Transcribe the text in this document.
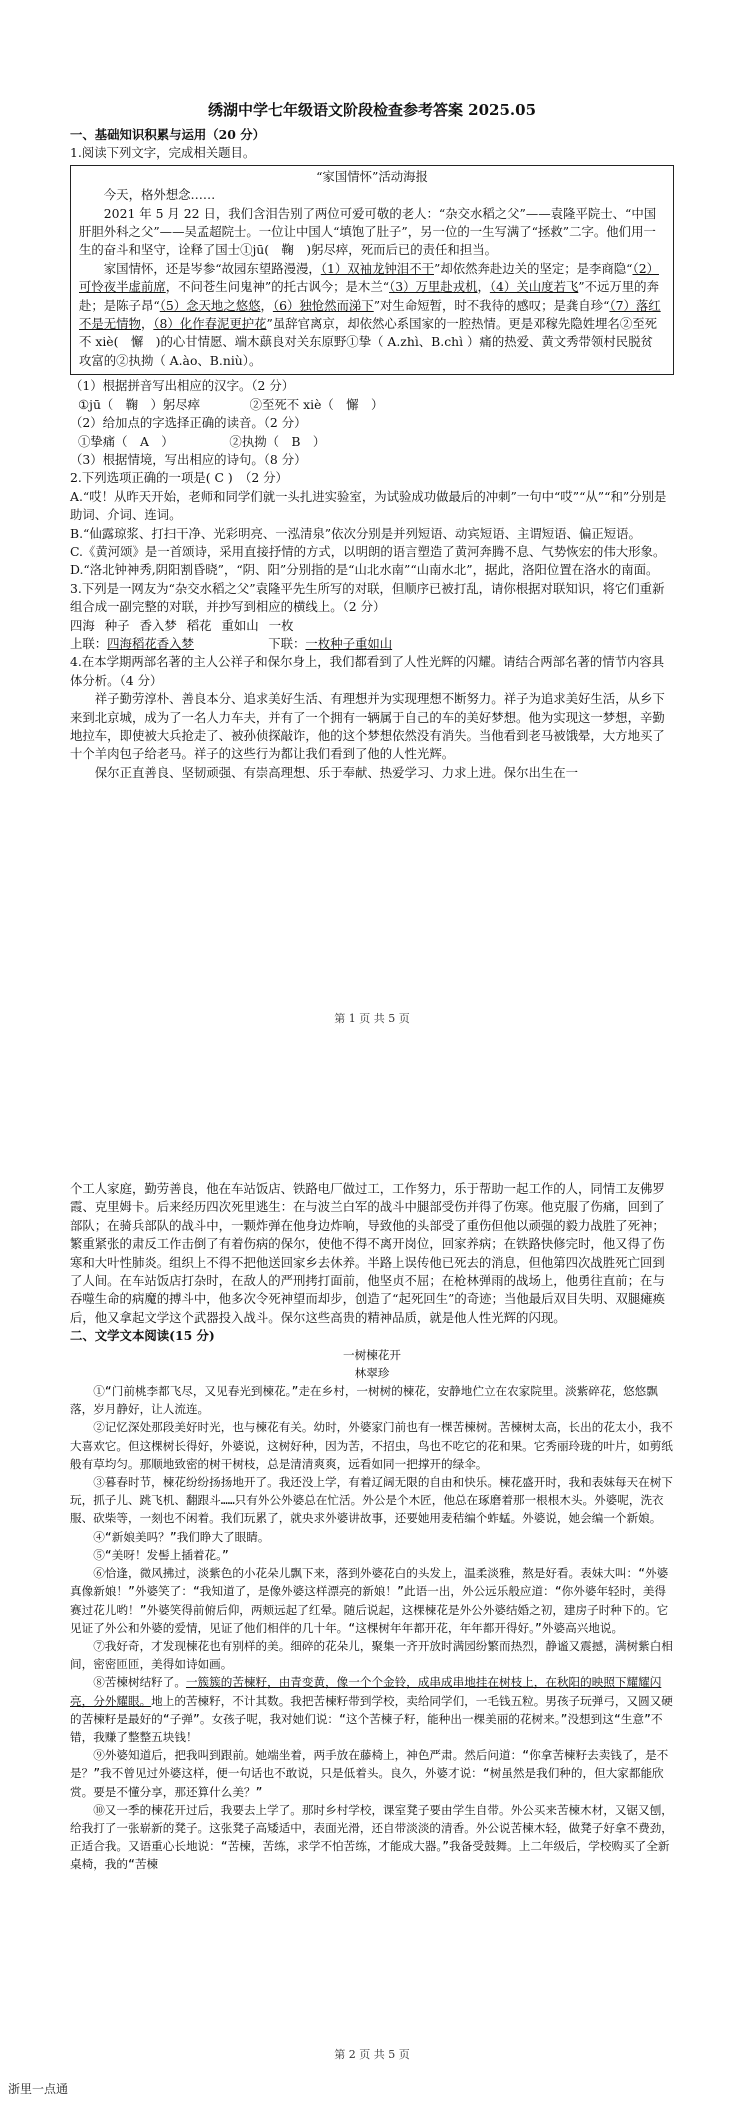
绣湖中学七年级语文阶段检查参考答案 2025.05

一、基础知识积累与运用（20 分）

1.阅读下列文字，完成相关题目。

“家国情怀”活动海报

今天，格外想念……

2021 年 5 月 22 日，我们含泪告别了两位可爱可敬的老人：“杂交水稻之父”——袁隆平院士、“中国肝胆外科之父”——吴孟超院士。一位让中国人“填饱了肚子”，另一位的一生写满了“拯救”二字。他们用一生的奋斗和坚守，诠释了国士①jū(　鞠　)躬尽瘁，死而后已的责任和担当。

家国情怀，还是岑参“故园东望路漫漫，（1）双袖龙钟泪不干”却依然奔赴边关的坚定；是李商隐“（2）可怜夜半虚前席，不问苍生问鬼神”的托古讽今；是木兰“（3）万里赴戎机，（4）关山度若飞”不远万里的奔赴；是陈子昂“（5）念天地之悠悠，（6）独怆然而涕下”对生命短暂，时不我待的感叹；是龚自珍“（7）落红不是无情物，（8）化作春泥更护花”虽辞官离京，却依然心系国家的一腔热情。更是邓稼先隐姓埋名②至死不 xiè(　懈　)的心甘情愿、端木蕻良对关东原野①挚（ A.zhì、B.chì ）痛的热爱、黄文秀带领村民脱贫攻富的②执拗（ A.ào、B.niù）。

（1）根据拼音写出相应的汉字。（2 分）

①jū（　鞠　）躬尽瘁　　　　②至死不 xiè（　懈　）

（2）给加点的字选择正确的读音。（2 分）

①挚痛（　A　）　　　　　②执拗（　B　）

（3）根据情境，写出相应的诗句。（8 分）

2.下列选项正确的一项是( C )　（2 分）

A.“哎！从昨天开始，老师和同学们就一头扎进实验室，为试验成功做最后的冲刺”一句中“哎”“从”“和”分别是助词、介词、连词。

B.“仙露琼浆、打扫干净、光彩明亮、一泓清泉”依次分别是并列短语、动宾短语、主谓短语、偏正短语。

C.《黄河颂》是一首颂诗，采用直接抒情的方式，以明朗的语言塑造了黄河奔腾不息、气势恢宏的伟大形象。

D.“洛北钟神秀,阴阳割昏晓”，“阴、阳”分别指的是“山北水南”“山南水北”，据此，洛阳位置在洛水的南面。

3.下列是一网友为“杂交水稻之父”袁隆平先生所写的对联，但顺序已被打乱，请你根据对联知识，将它们重新组合成一副完整的对联，并抄写到相应的横线上。（2 分）

四海 种子 香入梦 稻花 重如山 一枚

上联：四海稻花香入梦　　　　　　	下联：一枚种子重如山

4.在本学期两部名著的主人公祥子和保尔身上，我们都看到了人性光辉的闪耀。请结合两部名著的情节内容具体分析。（4 分）

祥子勤劳淳朴、善良本分、追求美好生活、有理想并为实现理想不断努力。祥子为追求美好生活，从乡下来到北京城，成为了一名人力车夫，并有了一个拥有一辆属于自己的车的美好梦想。他为实现这一梦想，辛勤地拉车，即使被大兵抢走了、被孙侦探敲诈，他的这个梦想依然没有消失。当他看到老马被饿晕，大方地买了十个羊肉包子给老马。祥子的这些行为都让我们看到了他的人性光辉。

保尔正直善良、坚韧顽强、有崇高理想、乐于奉献、热爱学习、力求上进。保尔出生在一

第 1 页 共 5 页

个工人家庭，勤劳善良，他在车站饭店、铁路电厂做过工，工作努力，乐于帮助一起工作的人，同情工友佛罗霞、克里姆卡。后来经历四次死里逃生：在与波兰白军的战斗中腿部受伤并得了伤寒。他克服了伤痛，回到了部队；在骑兵部队的战斗中，一颗炸弹在他身边炸响，导致他的头部受了重伤但他以顽强的毅力战胜了死神；繁重紧张的肃反工作击倒了有着伤病的保尔，使他不得不离开岗位，回家养病；在铁路快修完时，他又得了伤寒和大叶性肺炎。组织上不得不把他送回家乡去休养。半路上误传他已死去的消息，但他第四次战胜死亡回到了人间。在车站饭店打杂时，在敌人的严刑拷打面前，他坚贞不屈；在枪林弹雨的战场上，他勇往直前；在与吞噬生命的病魔的搏斗中，他多次令死神望而却步，创造了“起死回生”的奇迹；当他最后双目失明、双腿瘫痪后，他又拿起文学这个武器投入战斗。保尔这些高贵的精神品质，就是他人性光辉的闪现。

二、文学文本阅读(15 分)

一树楝花开

林翠珍

①“门前桃李都飞尽，又见春光到楝花。”走在乡村，一树树的楝花，安静地伫立在农家院里。淡紫碎花，悠悠飘落，岁月静好，让人流连。

②记忆深处那段美好时光，也与楝花有关。幼时，外婆家门前也有一棵苦楝树。苦楝树太高，长出的花太小，我不大喜欢它。但这棵树长得好，外婆说，这树好种，因为苦，不招虫，鸟也不吃它的花和果。它秀丽玲珑的叶片，如剪纸般有草均匀。那顺地致密的树干树枝，总是清清爽爽，远看如同一把撑开的绿伞。

③暮春时节，楝花纷纷扬扬地开了。我还没上学，有着辽阔无限的自由和快乐。楝花盛开时，我和表妹每天在树下玩，抓子儿、跳飞机、翻跟斗……只有外公外婆总在忙活。外公是个木匠，他总在琢磨着那一根根木头。外婆呢，洗衣服、砍柴等，一刻也不闲着。我们玩累了，就央求外婆讲故事，还要她用麦秸编个蚱蜢。外婆说，她会编一个新娘。

④“新娘美吗？”我们睁大了眼睛。

⑤“美呀！发髻上插着花。”

⑥恰逢，微风拂过，淡紫色的小花朵儿飘下来，落到外婆花白的头发上，温柔淡雅，熬是好看。表妹大叫：“外婆真像新娘！”外婆笑了：“我知道了，是像外婆这样漂亮的新娘！”此语一出，外公远乐般应道：“你外婆年轻时，美得赛过花儿哟！”外婆笑得前俯后仰，两颊远起了红晕。随后说起，这棵楝花是外公外婆结婚之初，建房子时种下的。它见证了外公和外婆的爱情，见证了他们相伴的几十年。“这棵树年年都开花，年年都开得好。”外婆高兴地说。

⑦我好奇，才发现楝花也有别样的美。细碎的花朵儿，聚集一齐开放时满园纷繁而热烈，静谧又震撼，满树紫白相间，密密匝匝，美得如诗如画。

⑧苦楝树结籽了。一簇簇的苦楝籽，由青变黄，像一个个金铃，成串成串地挂在树枝上，在秋阳的映照下耀耀闪亮，分外耀眼。地上的苦楝籽，不计其数。我把苦楝籽带到学校，卖给同学们，一毛钱五粒。男孩子玩弹弓，又圆又硬的苦楝籽是最好的“子弹”。女孩子呢，我对她们说：“这个苦楝子籽，能种出一棵美丽的花树来。”没想到这“生意”不错，我赚了整整五块钱！

⑨外婆知道后，把我叫到跟前。她端坐着，两手放在藤椅上，神色严肃。然后问道：“你拿苦楝籽去卖钱了，是不是？”我不曾见过外婆这样，便一句话也不敢说，只是低着头。良久，外婆才说：“树虽然是我们种的，但大家都能欣赏。要是不懂分享，那还算什么美？”

⑩又一季的楝花开过后，我要去上学了。那时乡村学校，课室凳子要由学生自带。外公买来苦楝木材，又锯又刨，给我打了一张崭新的凳子。这张凳子高矮适中，表面光滑，还自带淡淡的清香。外公说苦楝木轻，做凳子好拿不费劲，正适合我。又语重心长地说：“苦楝，苦练，求学不怕苦练，才能成大器。”我备受鼓舞。上二年级后，学校购买了全新桌椅，我的“苦楝

第 2 页 共 5 页
浙里一点通
